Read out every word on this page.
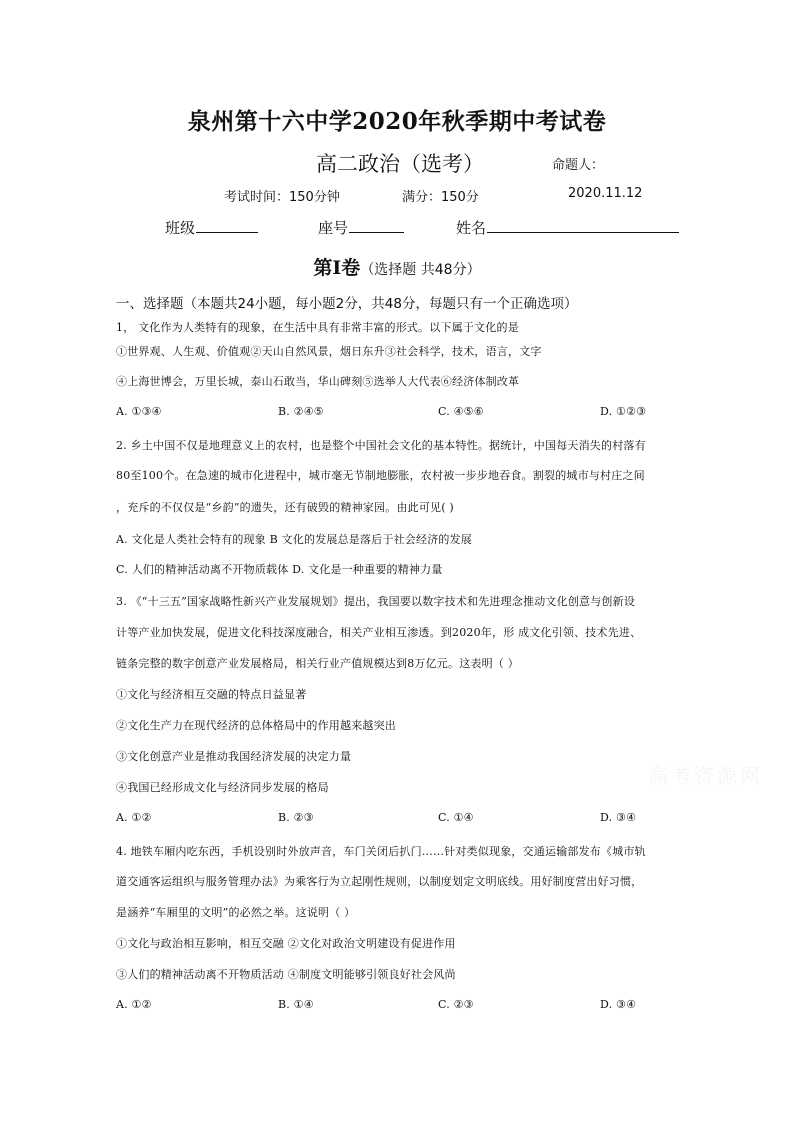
泉州第十六中学2020年秋季期中考试卷
高二政治（选考）	命题人：
考试时间：150分钟	满分：150分	2020.11.12
班级	座号	姓名
第Ⅰ卷（选择题 共48分）
一、选择题（本题共24小题，每小题2分，共48分，每题只有一个正确选项）
1， 文化作为人类特有的现象，在生活中具有非常丰富的形式。以下属于文化的是
①世界观、人生观、价值观②天山自然风景，烟日东升③社会科学，技术，语言，文字
④上海世博会，万里长城，泰山石敢当，华山碑刻⑤选举人大代表⑥经济体制改革
A. ①③④	B. ②④⑤	C. ④⑤⑥	D. ①②③
2. 乡土中国不仅是地理意义上的农村，也是整个中国社会文化的基本特性。据统计，中国每天消失的村落有
80至100个。在急速的城市化进程中，城市毫无节制地膨胀，农村被一步步地吞食。割裂的城市与村庄之间
，充斥的不仅仅是“乡韵”的遗失，还有破毁的精神家园。由此可见( )
A. 文化是人类社会特有的现象 B 文化的发展总是落后于社会经济的发展
C. 人们的精神活动离不开物质载体 D. 文化是一种重要的精神力量
3. 《“十三五”国家战略性新兴产业发展规划》提出，我国要以数字技术和先进理念推动文化创意与创新设
计等产业加快发展，促进文化科技深度融合，相关产业相互渗透。到2020年，形 成文化引领、技术先进、
链条完整的数字创意产业发展格局，相关行业产值规模达到8万亿元。这表明（ ）
①文化与经济相互交融的特点日益显著
②文化生产力在现代经济的总体格局中的作用越来越突出
③文化创意产业是推动我国经济发展的决定力量
④我国已经形成文化与经济同步发展的格局
A. ①②	B. ②③	C. ①④	D. ③④
4. 地铁车厢内吃东西，手机设别时外放声音，车门关闭后扒门……针对类似现象，交通运输部发布《城市轨
道交通客运组织与服务管理办法》为乘客行为立起刚性规则，以制度划定文明底线。用好制度营出好习惯，
是涵养“车厢里的文明”的必然之举。这说明（ ）
①文化与政治相互影响，相互交融 ②文化对政治文明建设有促进作用
③人们的精神活动离不开物质活动 ④制度文明能够引领良好社会风尚
A. ①②	B. ①④	C. ②③	D. ③④
高考资源网
